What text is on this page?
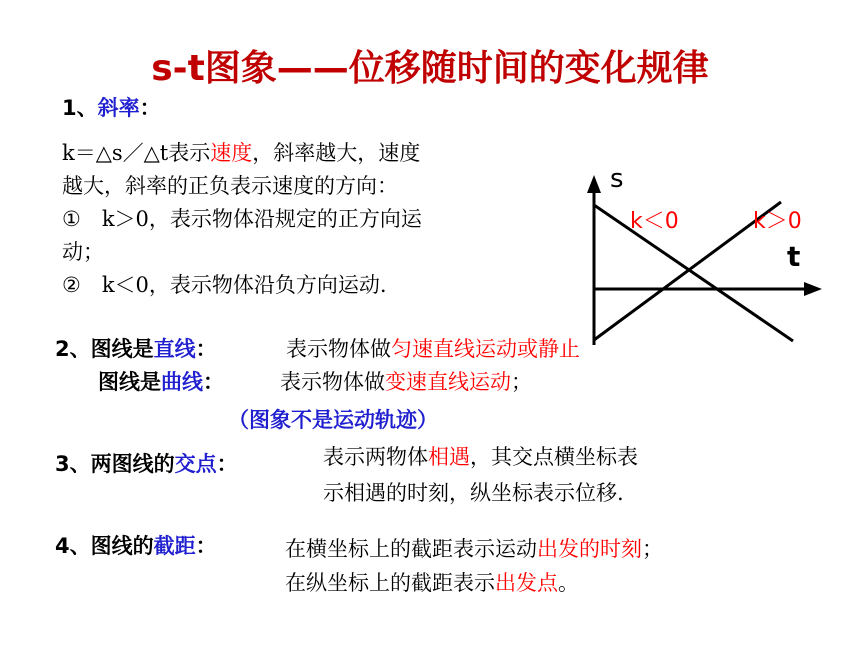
s-t图象——位移随时间的变化规律
1、斜率：
k＝△s／△t表示速度，斜率越大，速度
越大，斜率的正负表示速度的方向：
①　k＞0，表示物体沿规定的正方向运
动；
②　k＜0，表示物体沿负方向运动.
s
t
k＜0	k＞0
2、图线是直线：	表示物体做匀速直线运动或静止
图线是曲线：	表示物体做变速直线运动；
（图象不是运动轨迹）
3、两图线的交点：	表示两物体相遇，其交点横坐标表
示相遇的时刻，纵坐标表示位移.
4、图线的截距：	在横坐标上的截距表示运动出发的时刻；
在纵坐标上的截距表示出发点。
